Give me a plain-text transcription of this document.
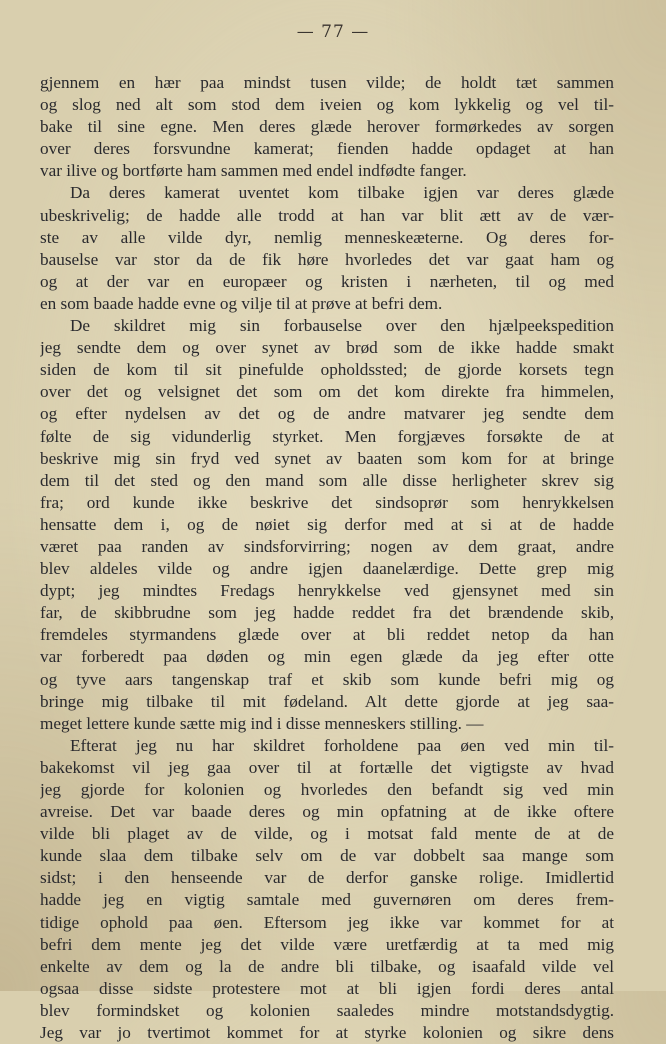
— 77 —
gjennem en hær paa mindst tusen vilde; de holdt tæt sammen
og slog ned alt som stod dem iveien og kom lykkelig og vel til-
bake til sine egne. Men deres glæde herover formørkedes av sorgen
over deres forsvundne kamerat; fienden hadde opdaget at han
var ilive og bortførte ham sammen med endel indfødte fanger.
Da deres kamerat uventet kom tilbake igjen var deres glæde
ubeskrivelig; de hadde alle trodd at han var blit ætt av de vær-
ste av alle vilde dyr, nemlig menneskeæterne. Og deres for-
bauselse var stor da de fik høre hvorledes det var gaat ham og
og at der var en europæer og kristen i nærheten, til og med
en som baade hadde evne og vilje til at prøve at befri dem.
De skildret mig sin forbauselse over den hjælpeekspedition
jeg sendte dem og over synet av brød som de ikke hadde smakt
siden de kom til sit pinefulde opholdssted; de gjorde korsets tegn
over det og velsignet det som om det kom direkte fra himmelen,
og efter nydelsen av det og de andre matvarer jeg sendte dem
følte de sig vidunderlig styrket. Men forgjæves forsøkte de at
beskrive mig sin fryd ved synet av baaten som kom for at bringe
dem til det sted og den mand som alle disse herligheter skrev sig
fra; ord kunde ikke beskrive det sindsoprør som henrykkelsen
hensatte dem i, og de nøiet sig derfor med at si at de hadde
været paa randen av sindsforvirring; nogen av dem graat, andre
blev aldeles vilde og andre igjen daanelærdige. Dette grep mig
dypt; jeg mindtes Fredags henrykkelse ved gjensynet med sin
far, de skibbrudne som jeg hadde reddet fra det brændende skib,
fremdeles styrmandens glæde over at bli reddet netop da han
var forberedt paa døden og min egen glæde da jeg efter otte
og tyve aars tangenskap traf et skib som kunde befri mig og
bringe mig tilbake til mit fødeland. Alt dette gjorde at jeg saa-
meget lettere kunde sætte mig ind i disse menneskers stilling. —
Efterat jeg nu har skildret forholdene paa øen ved min til-
bakekomst vil jeg gaa over til at fortælle det vigtigste av hvad
jeg gjorde for kolonien og hvorledes den befandt sig ved min
avreise. Det var baade deres og min opfatning at de ikke oftere
vilde bli plaget av de vilde, og i motsat fald mente de at de
kunde slaa dem tilbake selv om de var dobbelt saa mange som
sidst; i den henseende var de derfor ganske rolige. Imidlertid
hadde jeg en vigtig samtale med guvernøren om deres frem-
tidige ophold paa øen. Eftersom jeg ikke var kommet for at
befri dem mente jeg det vilde være uretfærdig at ta med mig
enkelte av dem og la de andre bli tilbake, og isaafald vilde vel
ogsaa disse sidste protestere mot at bli igjen fordi deres antal
blev formindsket og kolonien saaledes mindre motstandsdygtig.
Jeg var jo tvertimot kommet for at styrke kolonien og sikre dens
